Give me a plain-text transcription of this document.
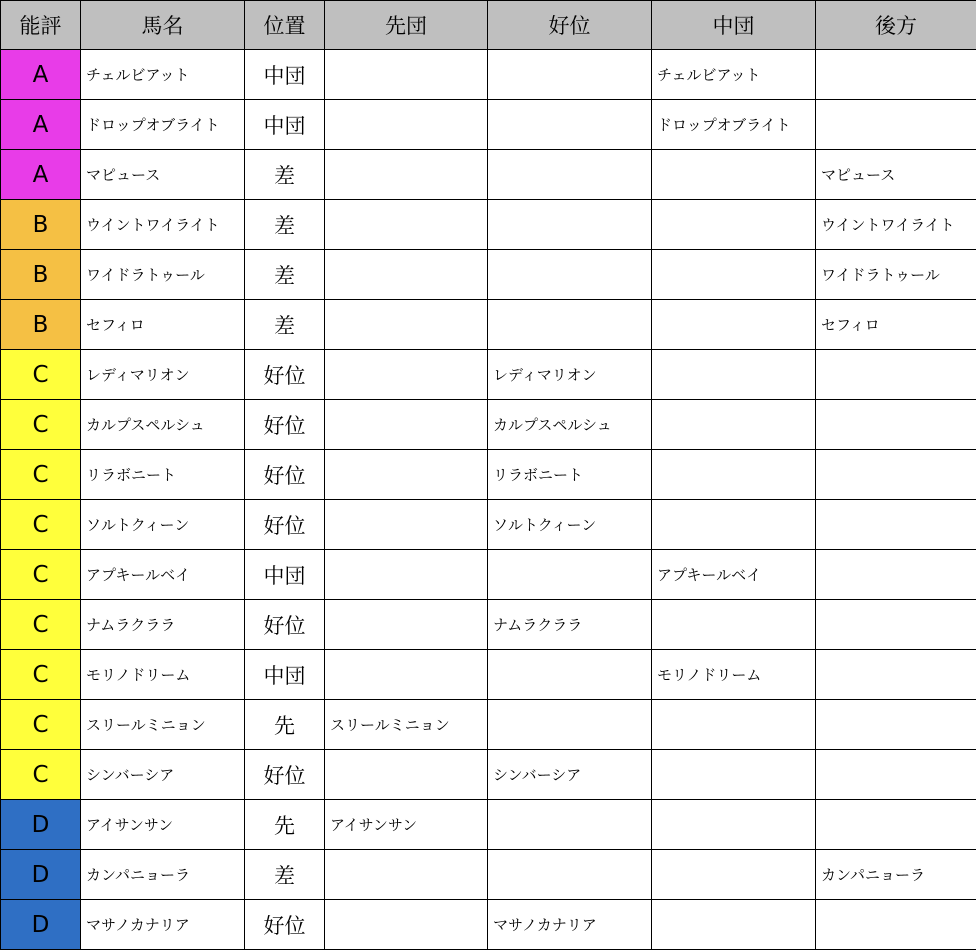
能評	馬名	位置	先団	好位	中団	後方
A	チェルビアット	中団			チェルビアット	
A	ドロップオブライト	中団			ドロップオブライト	
A	マピュース	差				マピュース
B	ウイントワイライト	差				ウイントワイライト
B	ワイドラトゥール	差				ワイドラトゥール
B	セフィロ	差				セフィロ
C	レディマリオン	好位		レディマリオン		
C	カルプスペルシュ	好位		カルプスペルシュ		
C	リラボニート	好位		リラボニート		
C	ソルトクィーン	好位		ソルトクィーン		
C	アプキールベイ	中団			アプキールベイ	
C	ナムラクララ	好位		ナムラクララ		
C	モリノドリーム	中団			モリノドリーム	
C	スリールミニョン	先	スリールミニョン			
C	シンバーシア	好位		シンバーシア		
D	アイサンサン	先	アイサンサン			
D	カンパニョーラ	差				カンパニョーラ
D	マサノカナリア	好位		マサノカナリア		
